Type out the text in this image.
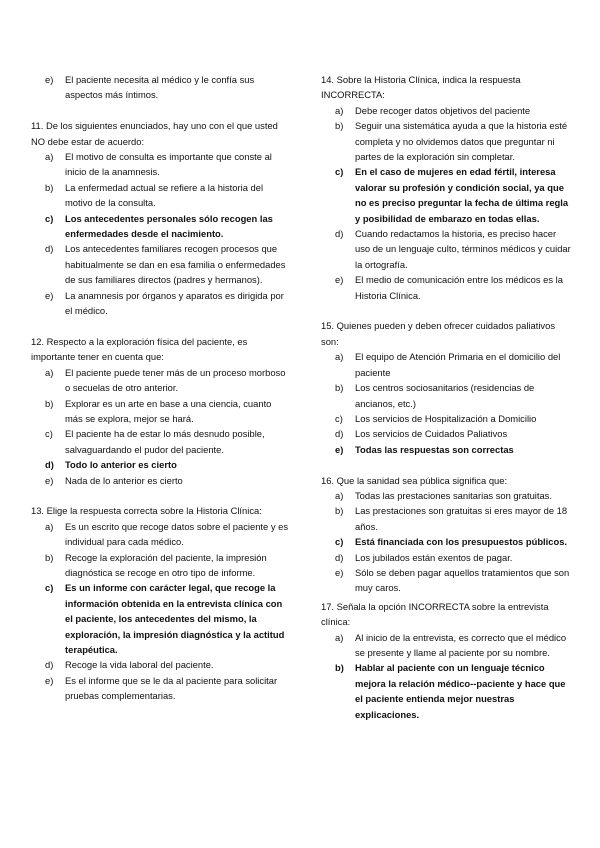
e) El paciente necesita al médico y le confía sus aspectos más íntimos.

11. De los siguientes enunciados, hay uno con el que usted NO debe estar de acuerdo:

a) El motivo de consulta es importante que conste al inicio de la anamnesis.
b) La enfermedad actual se refiere a la historia del motivo de la consulta.
c) Los antecedentes personales sólo recogen las enfermedades desde el nacimiento.
d) Los antecedentes familiares recogen procesos que habitualmente se dan en esa familia o enfermedades de sus familiares directos (padres y hermanos).
e) La anamnesis por órganos y aparatos es dirigida por el médico.

12. Respecto a la exploración física del paciente, es importante tener en cuenta que:

a) El paciente puede tener más de un proceso morboso o secuelas de otro anterior.
b) Explorar es un arte en base a una ciencia, cuanto más se explora, mejor se hará.
c) El paciente ha de estar lo más desnudo posible, salvaguardando el pudor del paciente.
d) Todo lo anterior es cierto
e) Nada de lo anterior es cierto

13. Elige la respuesta correcta sobre la Historia Clínica:

a) Es un escrito que recoge datos sobre el paciente y es individual para cada médico.
b) Recoge la exploración del paciente, la impresión diagnóstica se recoge en otro tipo de informe.
c) Es un informe con carácter legal, que recoge la información obtenida en la entrevista clínica con el paciente, los antecedentes del mismo, la exploración, la impresión diagnóstica y la actitud terapéutica.
d) Recoge la vida laboral del paciente.
e) Es el informe que se le da al paciente para solicitar pruebas complementarias.

14. Sobre la Historia Clínica, indica la respuesta INCORRECTA:

a) Debe recoger datos objetivos del paciente
b) Seguir una sistemática ayuda a que la historia esté completa y no olvidemos datos que preguntar ni partes de la exploración sin completar.
c) En el caso de mujeres en edad fértil, interesa valorar su profesión y condición social, ya que no es preciso preguntar la fecha de última regla y posibilidad de embarazo en todas ellas.
d) Cuando redactamos la historia, es preciso hacer uso de un lenguaje culto, términos médicos y cuidar la ortografía.
e) El medio de comunicación entre los médicos es la Historia Clínica.

15. Quienes pueden y deben ofrecer cuidados paliativos son:

a) El equipo de Atención Primaria en el domicilio del paciente
b) Los centros sociosanitarios (residencias de ancianos, etc.)
c) Los servicios de Hospitalización a Domicilio
d) Los servicios de Cuidados Paliativos
e) Todas las respuestas son correctas

16. Que la sanidad sea pública significa que:

a) Todas las prestaciones sanitarias son gratuitas.
b) Las prestaciones son gratuitas si eres mayor de 18 años.
c) Está financiada con los presupuestos públicos.
d) Los jubilados están exentos de pagar.
e) Sólo se deben pagar aquellos tratamientos que son muy caros.

17. Señala la opción INCORRECTA sobre la entrevista clínica:

a) Al inicio de la entrevista, es correcto que el médico se presente y llame al paciente por su nombre.
b) Hablar al paciente con un lenguaje técnico mejora la relación médico--paciente y hace que el paciente entienda mejor nuestras explicaciones.
